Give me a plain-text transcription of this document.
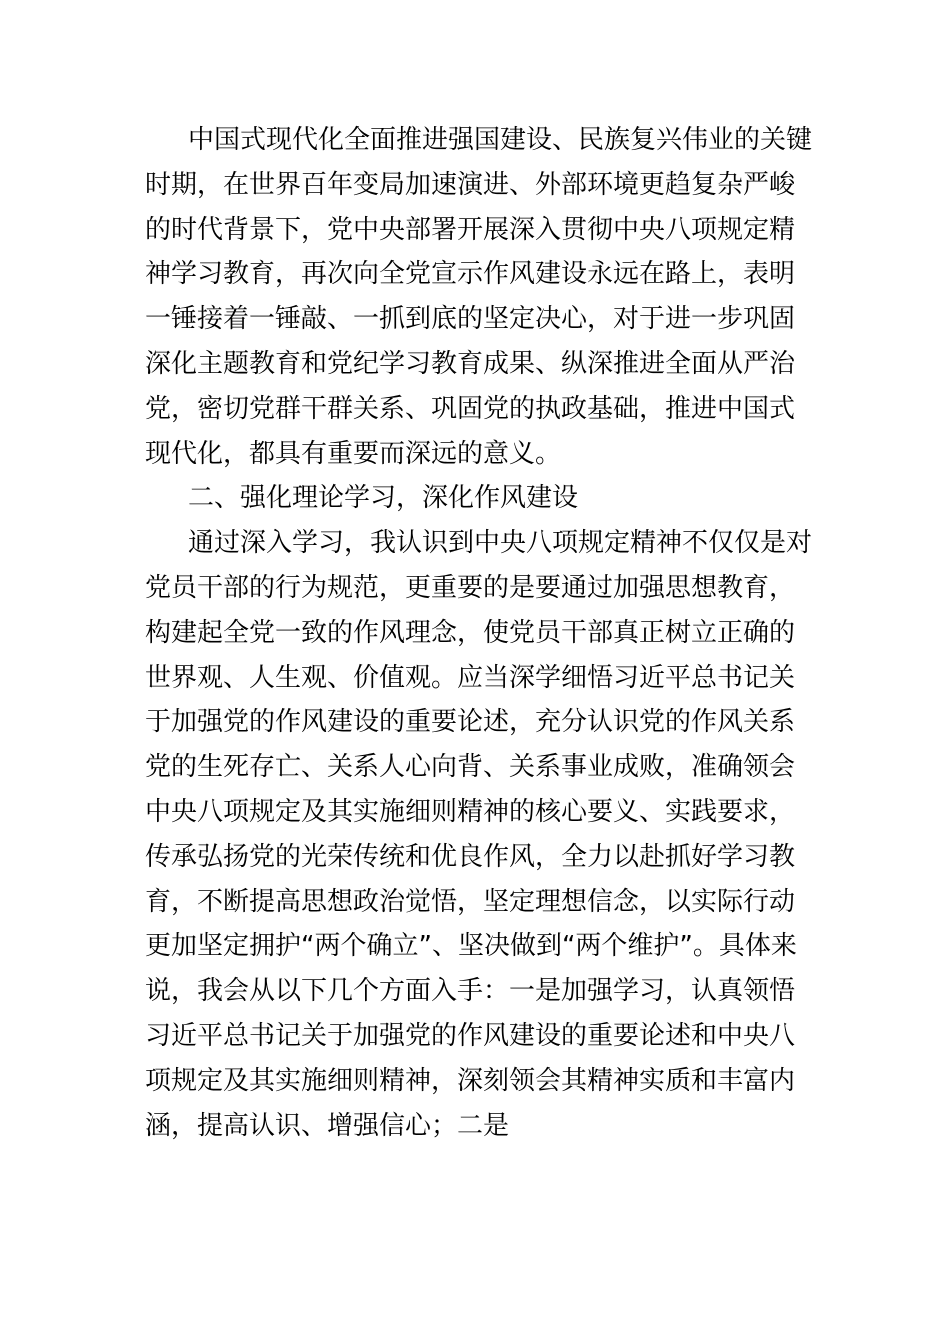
中国式现代化全面推进强国建设、民族复兴伟业的关键
时期，在世界百年变局加速演进、外部环境更趋复杂严峻
的时代背景下，党中央部署开展深入贯彻中央八项规定精
神学习教育，再次向全党宣示作风建设永远在路上，表明
一锤接着一锤敲、一抓到底的坚定决心，对于进一步巩固
深化主题教育和党纪学习教育成果、纵深推进全面从严治
党，密切党群干群关系、巩固党的执政基础，推进中国式
现代化，都具有重要而深远的意义。
二、强化理论学习，深化作风建设
通过深入学习，我认识到中央八项规定精神不仅仅是对
党员干部的行为规范，更重要的是要通过加强思想教育，
构建起全党一致的作风理念，使党员干部真正树立正确的
世界观、人生观、价值观。应当深学细悟习近平总书记关
于加强党的作风建设的重要论述，充分认识党的作风关系
党的生死存亡、关系人心向背、关系事业成败，准确领会
中央八项规定及其实施细则精神的核心要义、实践要求，
传承弘扬党的光荣传统和优良作风，全力以赴抓好学习教
育，不断提高思想政治觉悟，坚定理想信念，以实际行动
更加坚定拥护“两个确立”、坚决做到“两个维护”。具体来
说，我会从以下几个方面入手：一是加强学习，认真领悟
习近平总书记关于加强党的作风建设的重要论述和中央八
项规定及其实施细则精神，深刻领会其精神实质和丰富内
涵，提高认识、增强信心；二是
